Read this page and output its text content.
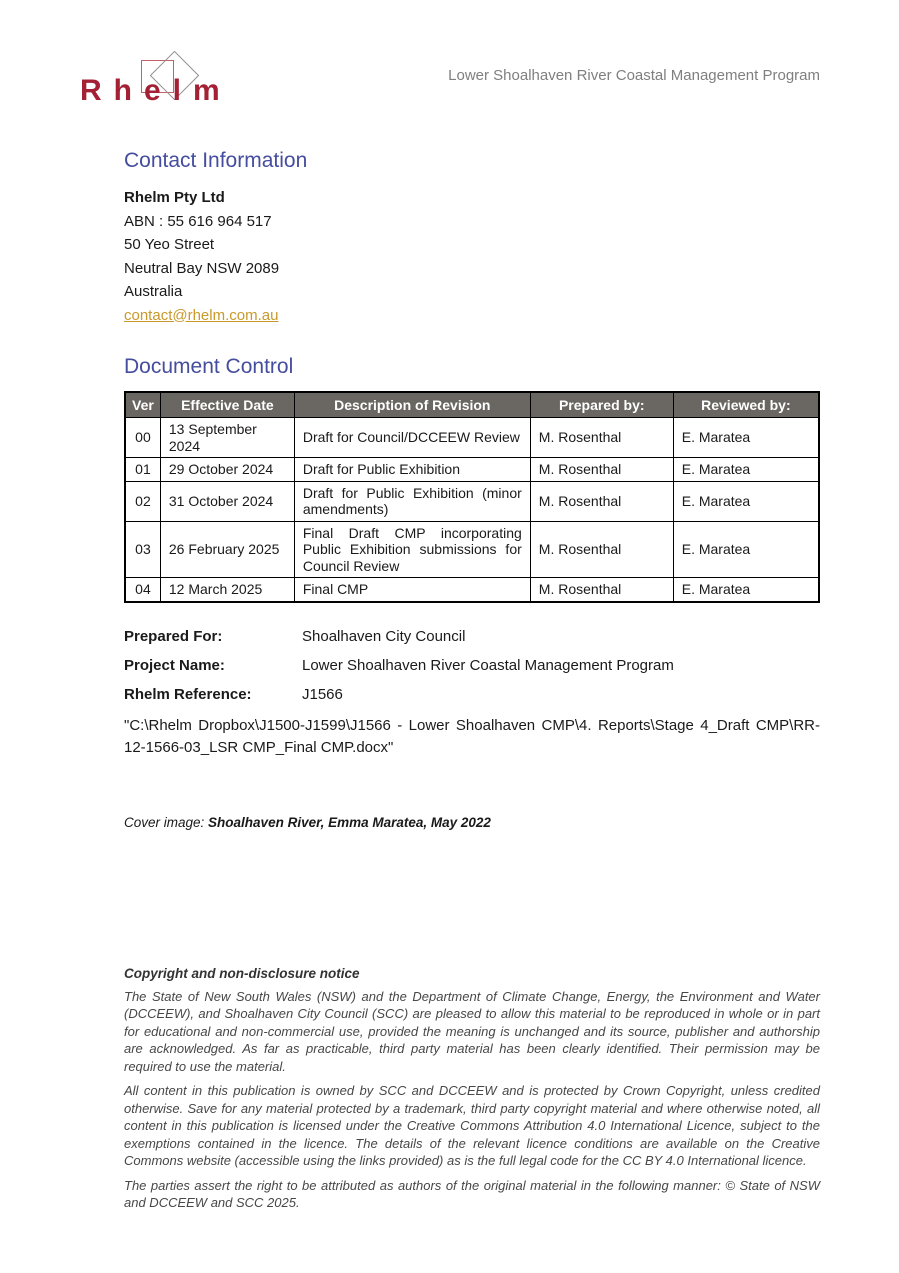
Rhelm	Lower Shoalhaven River Coastal Management Program
Contact Information
Rhelm Pty Ltd
ABN : 55 616 964 517
50 Yeo Street
Neutral Bay NSW 2089
Australia
contact@rhelm.com.au
Document Control
Ver	Effective Date	Description of Revision	Prepared by:	Reviewed by:
00	13 September 2024	Draft for Council/DCCEEW Review	M. Rosenthal	E. Maratea
01	29 October 2024	Draft for Public Exhibition	M. Rosenthal	E. Maratea
02	31 October 2024	Draft for Public Exhibition (minor amendments)	M. Rosenthal	E. Maratea
03	26 February 2025	Final Draft CMP incorporating Public Exhibition submissions for Council Review	M. Rosenthal	E. Maratea
04	12 March 2025	Final CMP	M. Rosenthal	E. Maratea
Prepared For:	Shoalhaven City Council
Project Name:	Lower Shoalhaven River Coastal Management Program
Rhelm Reference:	J1566
"C:\Rhelm Dropbox\J1500-J1599\J1566 - Lower Shoalhaven CMP\4. Reports\Stage 4_Draft CMP\RR-12-1566-03_LSR CMP_Final CMP.docx"
Cover image: Shoalhaven River, Emma Maratea, May 2022
Copyright and non-disclosure notice

The State of New South Wales (NSW) and the Department of Climate Change, Energy, the Environment and Water (DCCEEW), and Shoalhaven City Council (SCC) are pleased to allow this material to be reproduced in whole or in part for educational and non-commercial use, provided the meaning is unchanged and its source, publisher and authorship are acknowledged. As far as practicable, third party material has been clearly identified. Their permission may be required to use the material.

All content in this publication is owned by SCC and DCCEEW and is protected by Crown Copyright, unless credited otherwise. Save for any material protected by a trademark, third party copyright material and where otherwise noted, all content in this publication is licensed under the Creative Commons Attribution 4.0 International Licence, subject to the exemptions contained in the licence. The details of the relevant licence conditions are available on the Creative Commons website (accessible using the links provided) as is the full legal code for the CC BY 4.0 International licence.

The parties assert the right to be attributed as authors of the original material in the following manner: © State of NSW and DCCEEW and SCC 2025.
